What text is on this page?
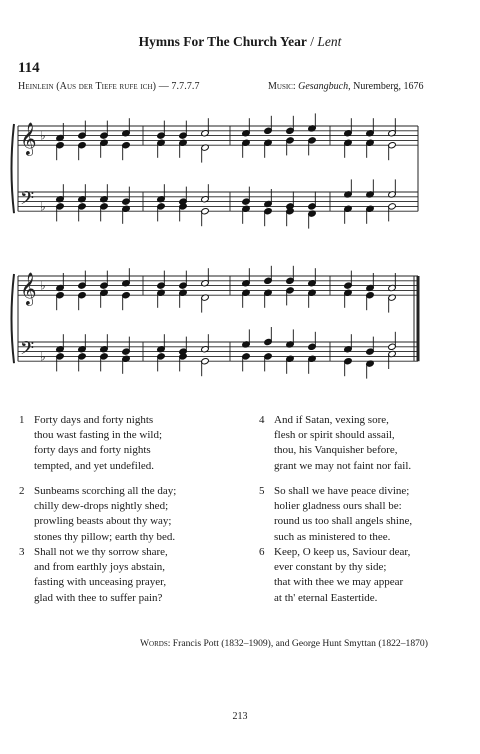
Hymns For The Church Year / Lent
114
Heinlein (Aus der Tiefe rufe ich) — 7.7.7.7	Music: Gesangbuch, Nuremberg, 1676
𝄞
𝄢
♭
♭
𝄞
𝄢
♭
♭
1 Forty days and forty nights
thou wast fasting in the wild;
forty days and forty nights
tempted, and yet undefiled.
2 Sunbeams scorching all the day;
chilly dew-drops nightly shed;
prowling beasts about thy way;
stones thy pillow; earth thy bed.
3 Shall not we thy sorrow share,
and from earthly joys abstain,
fasting with unceasing prayer,
glad with thee to suffer pain?
4 And if Satan, vexing sore,
flesh or spirit should assail,
thou, his Vanquisher before,
grant we may not faint nor fail.
5 So shall we have peace divine;
holier gladness ours shall be:
round us too shall angels shine,
such as ministered to thee.
6 Keep, O keep us, Saviour dear,
ever constant by thy side;
that with thee we may appear
at th' eternal Eastertide.
Words: Francis Pott (1832–1909), and George Hunt Smyttan (1822–1870)
213
